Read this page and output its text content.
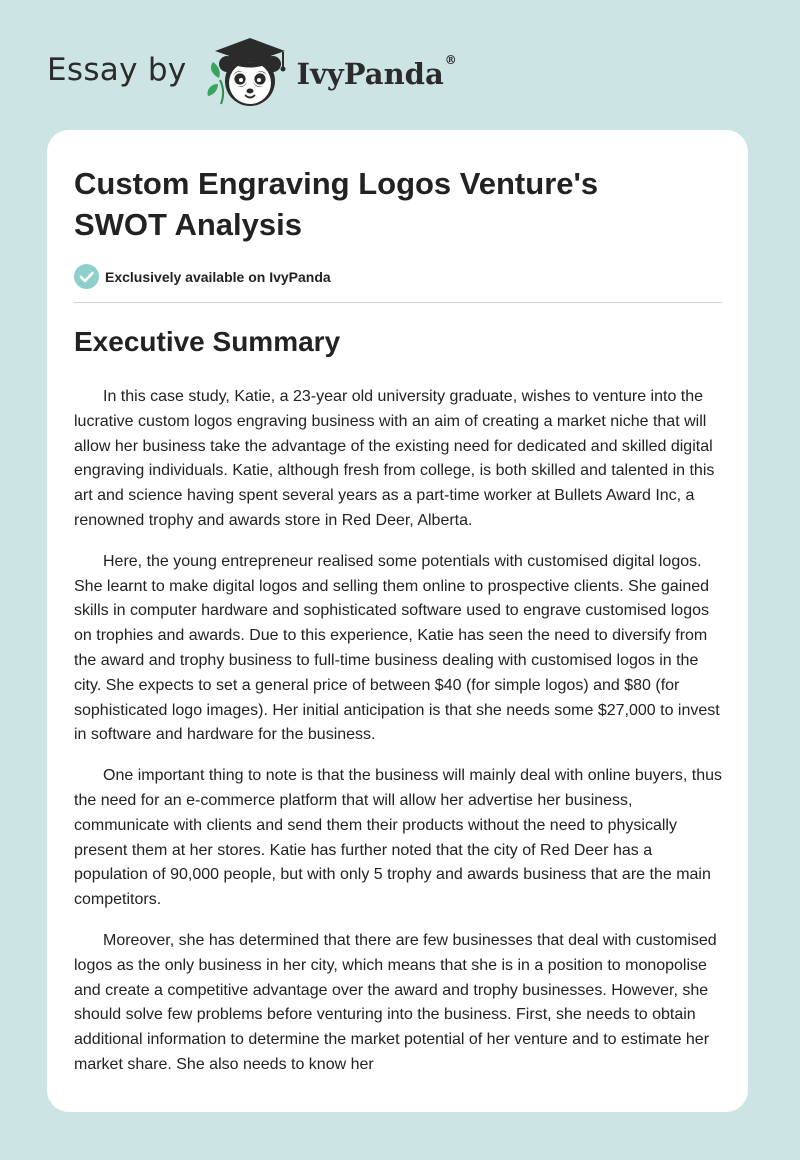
Essay by	IvyPanda®
Custom Engraving Logos Venture's SWOT Analysis
Exclusively available on IvyPanda
Executive Summary

In this case study, Katie, a 23-year old university graduate, wishes to venture into the lucrative custom logos engraving business with an aim of creating a market niche that will allow her business take the advantage of the existing need for dedicated and skilled digital engraving individuals. Katie, although fresh from college, is both skilled and talented in this art and science having spent several years as a part-time worker at Bullets Award Inc, a renowned trophy and awards store in Red Deer, Alberta.

Here, the young entrepreneur realised some potentials with customised digital logos. She learnt to make digital logos and selling them online to prospective clients. She gained skills in computer hardware and sophisticated software used to engrave customised logos on trophies and awards. Due to this experience, Katie has seen the need to diversify from the award and trophy business to full-time business dealing with customised logos in the city. She expects to set a general price of between $40 (for simple logos) and $80 (for sophisticated logo images). Her initial anticipation is that she needs some $27,000 to invest in software and hardware for the business.

One important thing to note is that the business will mainly deal with online buyers, thus the need for an e-commerce platform that will allow her advertise her business, communicate with clients and send them their products without the need to physically present them at her stores. Katie has further noted that the city of Red Deer has a population of 90,000 people, but with only 5 trophy and awards business that are the main competitors.

Moreover, she has determined that there are few businesses that deal with customised logos as the only business in her city, which means that she is in a position to monopolise and create a competitive advantage over the award and trophy businesses. However, she should solve few problems before venturing into the business. First, she needs to obtain additional information to determine the market potential of her venture and to estimate her market share. She also needs to know her
